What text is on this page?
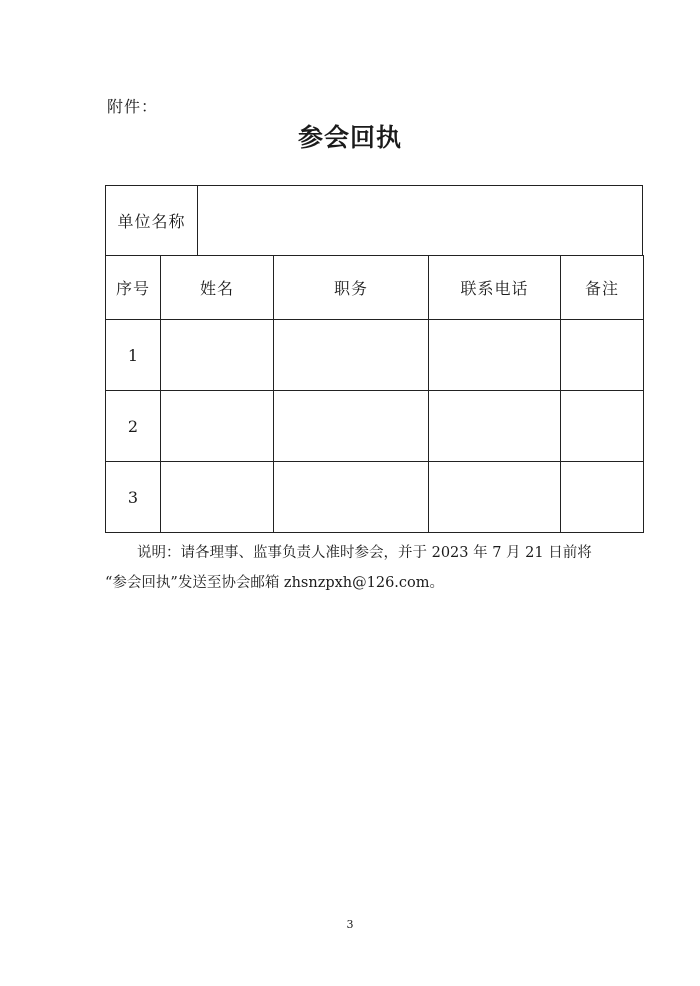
附件：
参会回执
单位名称
序号	姓名	职务	联系电话	备注
1				
2				
3				
说明：请各理事、监事负责人准时参会，并于 2023 年 7 月 21 日前将
“参会回执”发送至协会邮箱 zhsnzpxh@126.com。
3
